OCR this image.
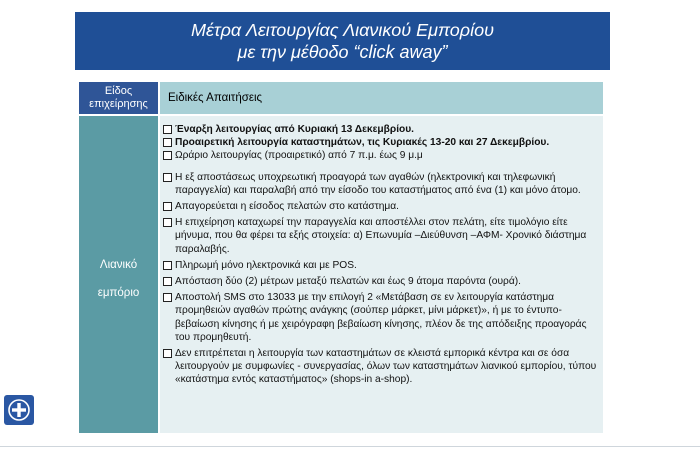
Μέτρα Λειτουργίας Λιανικού Εμπορίου
με την μέθοδο “click away”
Είδος
επιχείρησης Ειδικές Απαιτήσεις
Λιανικό
εμπόριο
Έναρξη λειτουργίας από Κυριακή 13 Δεκεμβρίου.
Προαιρετική λειτουργία καταστημάτων, τις Κυριακές 13-20 και 27 Δεκεμβρίου.
Ωράριο λειτουργίας (προαιρετικό) από 7 π.μ. έως 9 μ.μ
Η εξ αποστάσεως υποχρεωτική προαγορά των αγαθών (ηλεκτρονική και τηλεφωνική παραγγελία) και παραλαβή από την είσοδο του καταστήματος από ένα (1) και μόνο άτομο.
Απαγορεύεται η είσοδος πελατών στο κατάστημα.
Η επιχείρηση καταχωρεί την παραγγελία και αποστέλλει στον πελάτη, είτε τιμολόγιο είτε μήνυμα, που θα φέρει τα εξής στοιχεία: α) Επωνυμία –Διεύθυνση –ΑΦΜ- Χρονικό διάστημα παραλαβής.
Πληρωμή μόνο ηλεκτρονικά και με POS.
Απόσταση δύο (2) μέτρων μεταξύ πελατών και έως 9 άτομα παρόντα (ουρά).
Αποστολή SMS στο 13033 με την επιλογή 2 «Μετάβαση σε εν λειτουργία κατάστημα προμηθειών αγαθών πρώτης ανάγκης (σούπερ μάρκετ, μίνι μάρκετ)», ή με το έντυπο-βεβαίωση κίνησης ή με χειρόγραφη βεβαίωση κίνησης, πλέον δε της απόδειξης προαγοράς του προμηθευτή.
Δεν επιτρέπεται η λειτουργία των καταστημάτων σε κλειστά εμπορικά κέντρα και σε όσα λειτουργούν με συμφωνίες - συνεργασίας, όλων των καταστημάτων λιανικού εμπορίου, τύπου «κατάστημα εντός καταστήματος» (shops-in a-shop).
